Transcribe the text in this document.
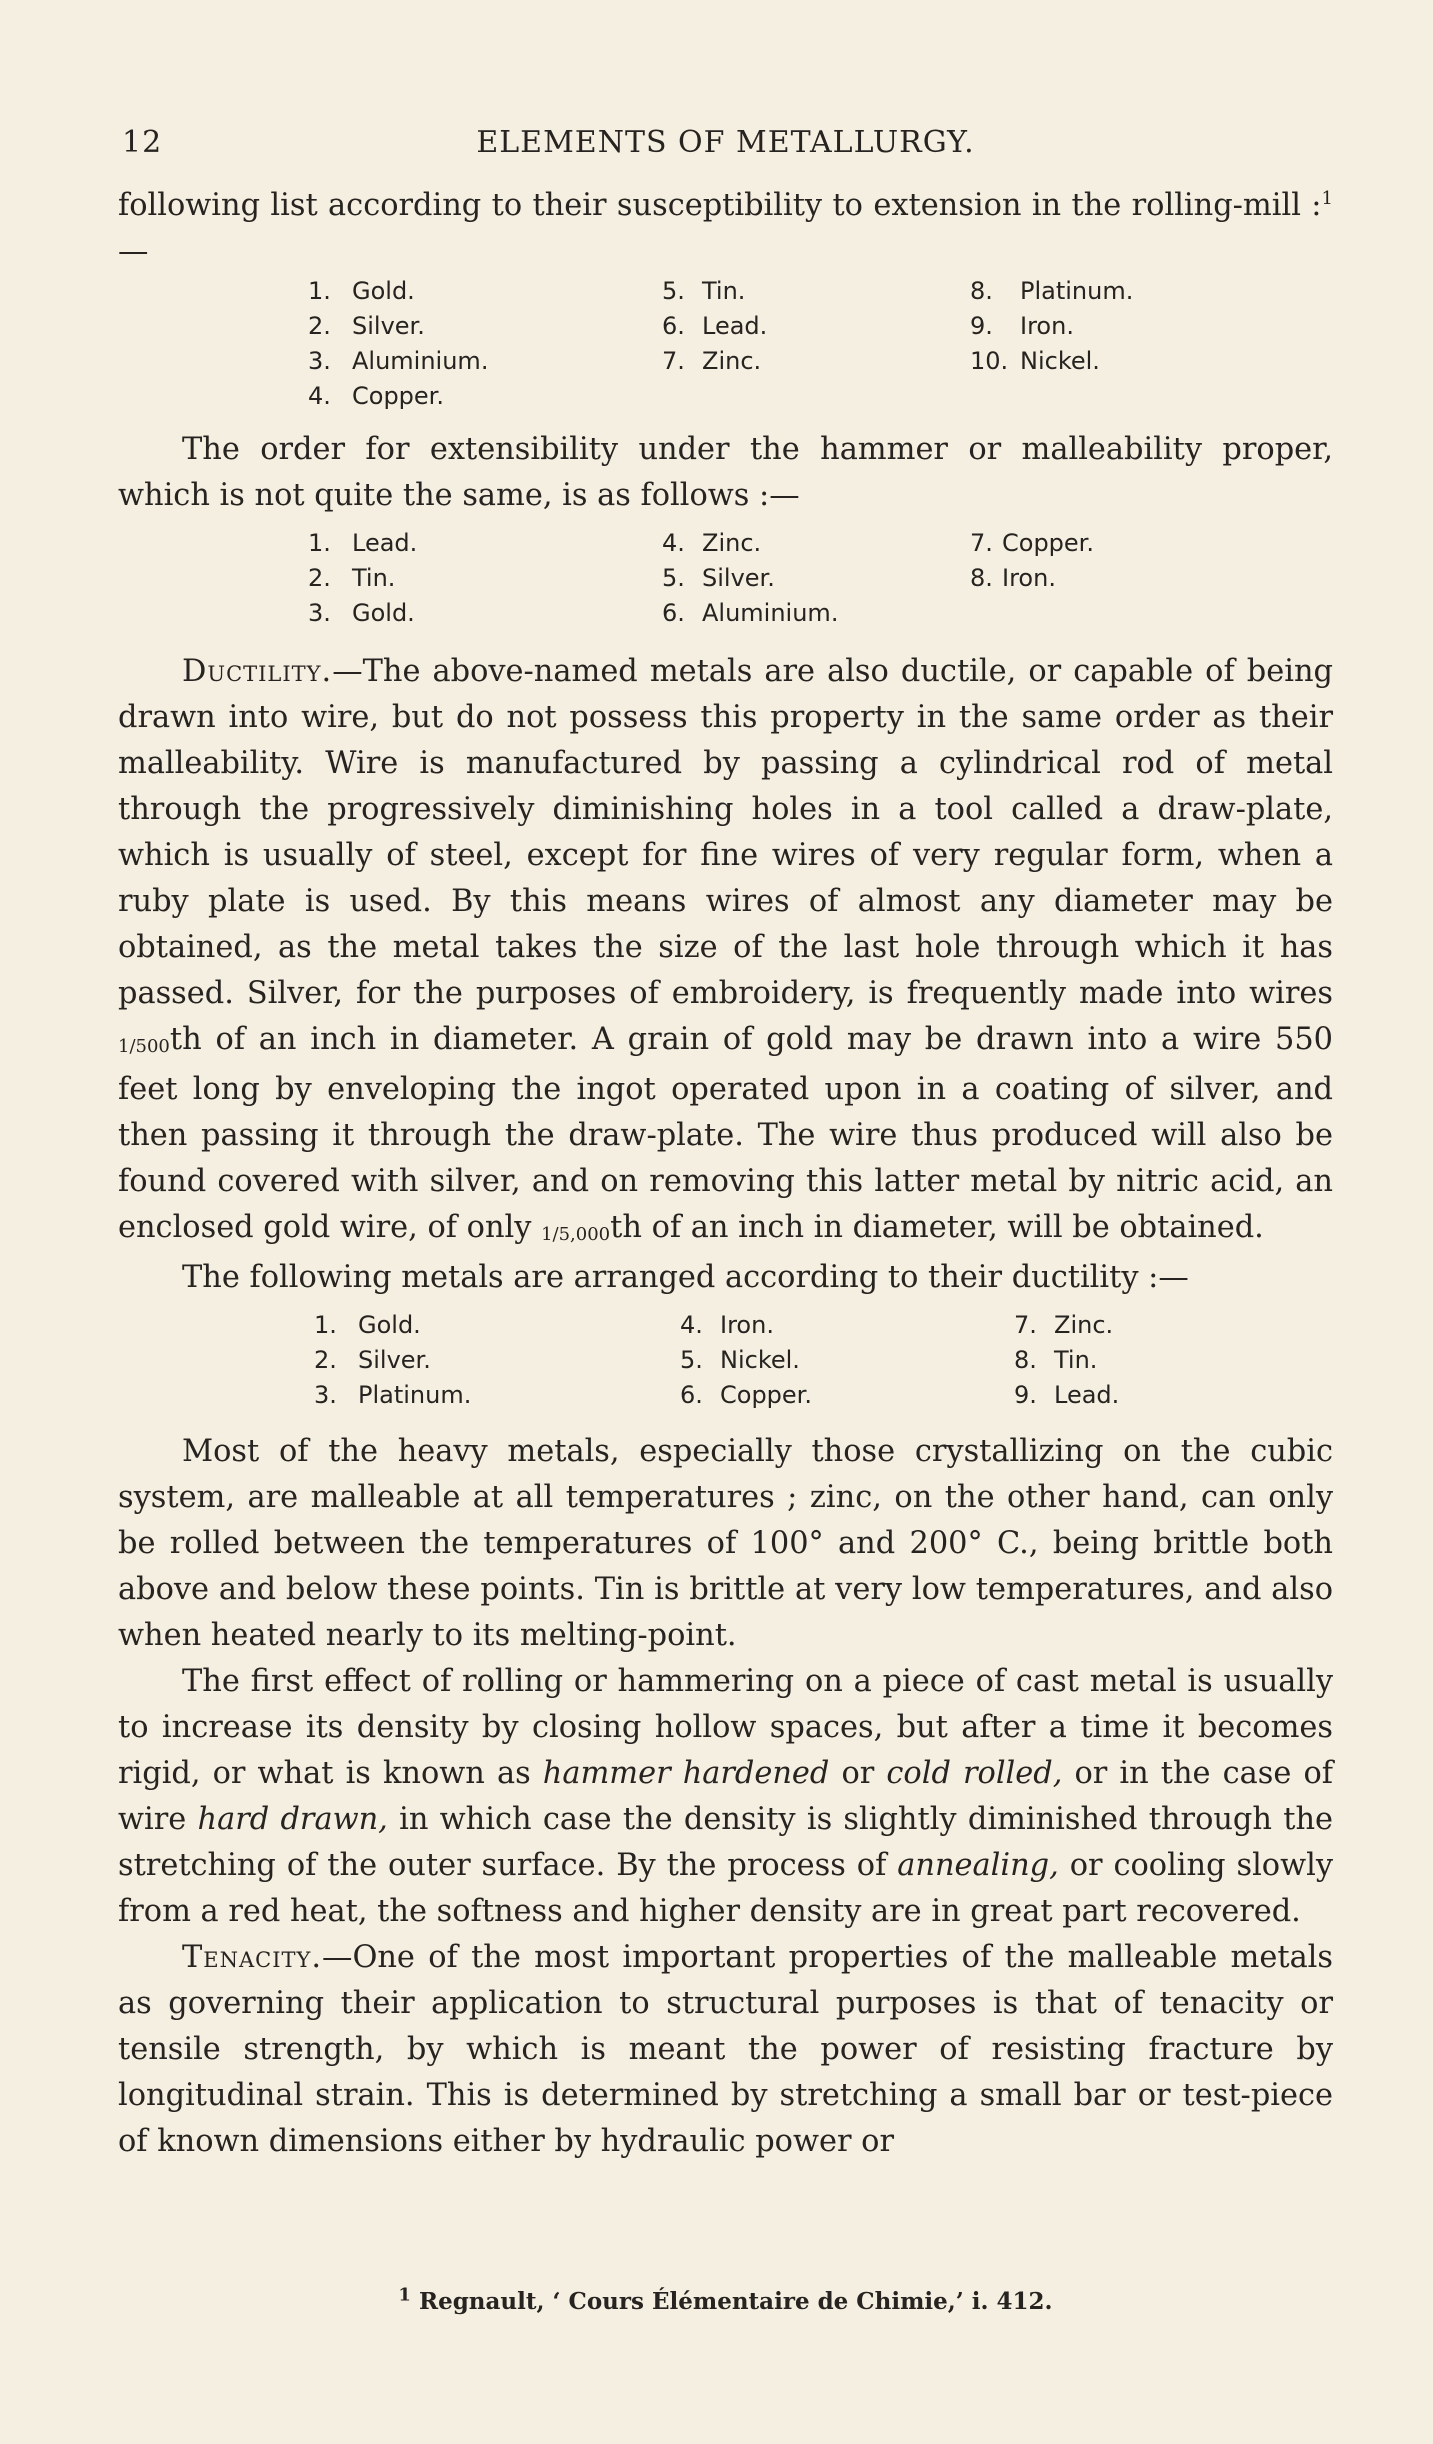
12	ELEMENTS OF METALLURGY.

following list according to their susceptibility to extension in the rolling-mill :$^1$—

1. Gold.
2. Silver.
3. Aluminium.
4. Copper.
5. Tin.
6. Lead.
7. Zinc.
8. Platinum.
9. Iron.
10. Nickel.

The order for extensibility under the hammer or malleability proper, which is not quite the same, is as follows :—

1. Lead.
2. Tin.
3. Gold.
4. Zinc.
5. Silver.
6. Aluminium.
7. Copper.
8. Iron.

Ductility.—The above-named metals are also ductile, or capable of being drawn into wire, but do not possess this property in the same order as their malleability. Wire is manufactured by passing a cylindrical rod of metal through the progressively diminishing holes in a tool called a draw-plate, which is usually of steel, except for fine wires of very regular form, when a ruby plate is used. By this means wires of almost any diameter may be obtained, as the metal takes the size of the last hole through which it has passed. Silver, for the purposes of embroidery, is frequently made into wires 1/500th of an inch in diameter. A grain of gold may be drawn into a wire 550 feet long by enveloping the ingot operated upon in a coating of silver, and then passing it through the draw-plate. The wire thus produced will also be found covered with silver, and on removing this latter metal by nitric acid, an enclosed gold wire, of only 1/5,000th of an inch in diameter, will be obtained.

The following metals are arranged according to their ductility :—

1. Gold.
2. Silver.
3. Platinum.
4. Iron.
5. Nickel.
6. Copper.
7. Zinc.
8. Tin.
9. Lead.

Most of the heavy metals, especially those crystallizing on the cubic system, are malleable at all temperatures ; zinc, on the other hand, can only be rolled between the temperatures of 100° and 200° C., being brittle both above and below these points. Tin is brittle at very low temperatures, and also when heated nearly to its melting-point.

The first effect of rolling or hammering on a piece of cast metal is usually to increase its density by closing hollow spaces, but after a time it becomes rigid, or what is known as hammer hardened or cold rolled, or in the case of wire hard drawn, in which case the density is slightly diminished through the stretching of the outer surface. By the process of annealing, or cooling slowly from a red heat, the softness and higher density are in great part recovered.

Tenacity.—One of the most important properties of the malleable metals as governing their application to structural purposes is that of tenacity or tensile strength, by which is meant the power of resisting fracture by longitudinal strain. This is determined by stretching a small bar or test-piece of known dimensions either by hydraulic power or

$^1$ Regnault, ‘ Cours Élémentaire de Chimie,’ i. 412.
